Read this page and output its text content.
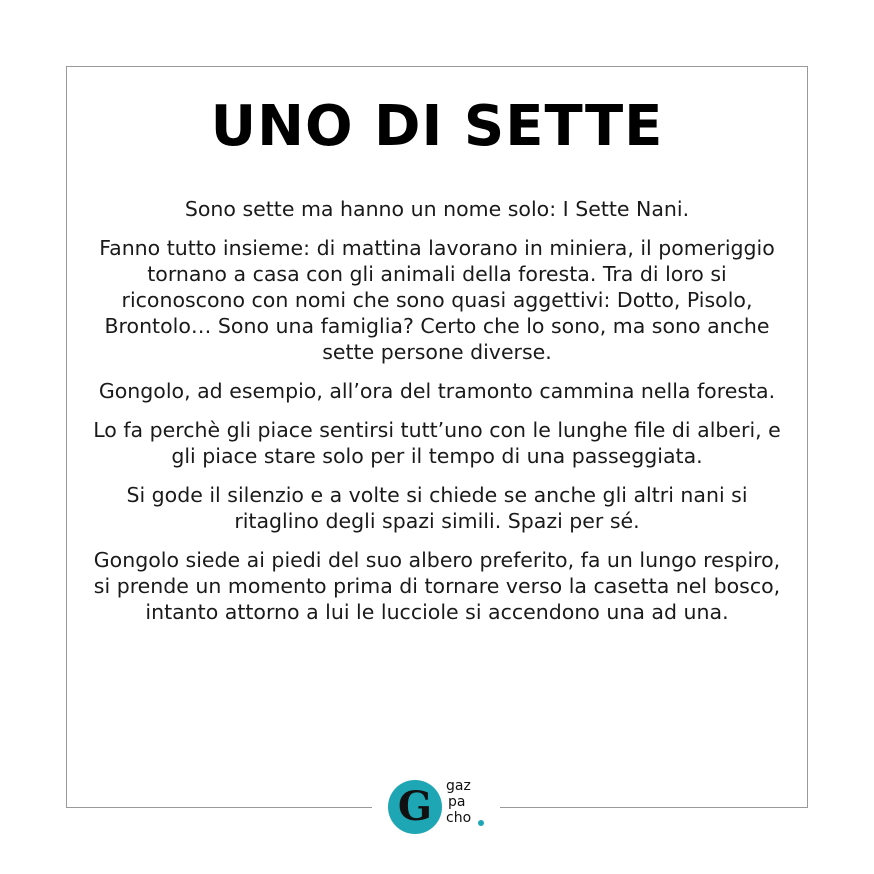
UNO DI SETTE

Sono sette ma hanno un nome solo: I Sette Nani.

Fanno tutto insieme: di mattina lavorano in miniera, il pomeriggio tornano a casa con gli animali della foresta. Tra di loro si riconoscono con nomi che sono quasi aggettivi: Dotto, Pisolo, Brontolo… Sono una famiglia? Certo che lo sono, ma sono anche sette persone diverse.

Gongolo, ad esempio, all’ora del tramonto cammina nella foresta.

Lo fa perchè gli piace sentirsi tutt’uno con le lunghe file di alberi, e gli piace stare solo per il tempo di una passeggiata.

Si gode il silenzio e a volte si chiede se anche gli altri nani si ritaglino degli spazi simili. Spazi per sé.

Gongolo siede ai piedi del suo albero preferito, fa un lungo respiro, si prende un momento prima di tornare verso la casetta nel bosco, intanto attorno a lui le lucciole si accendono una ad una.

G gaz
pa
cho
